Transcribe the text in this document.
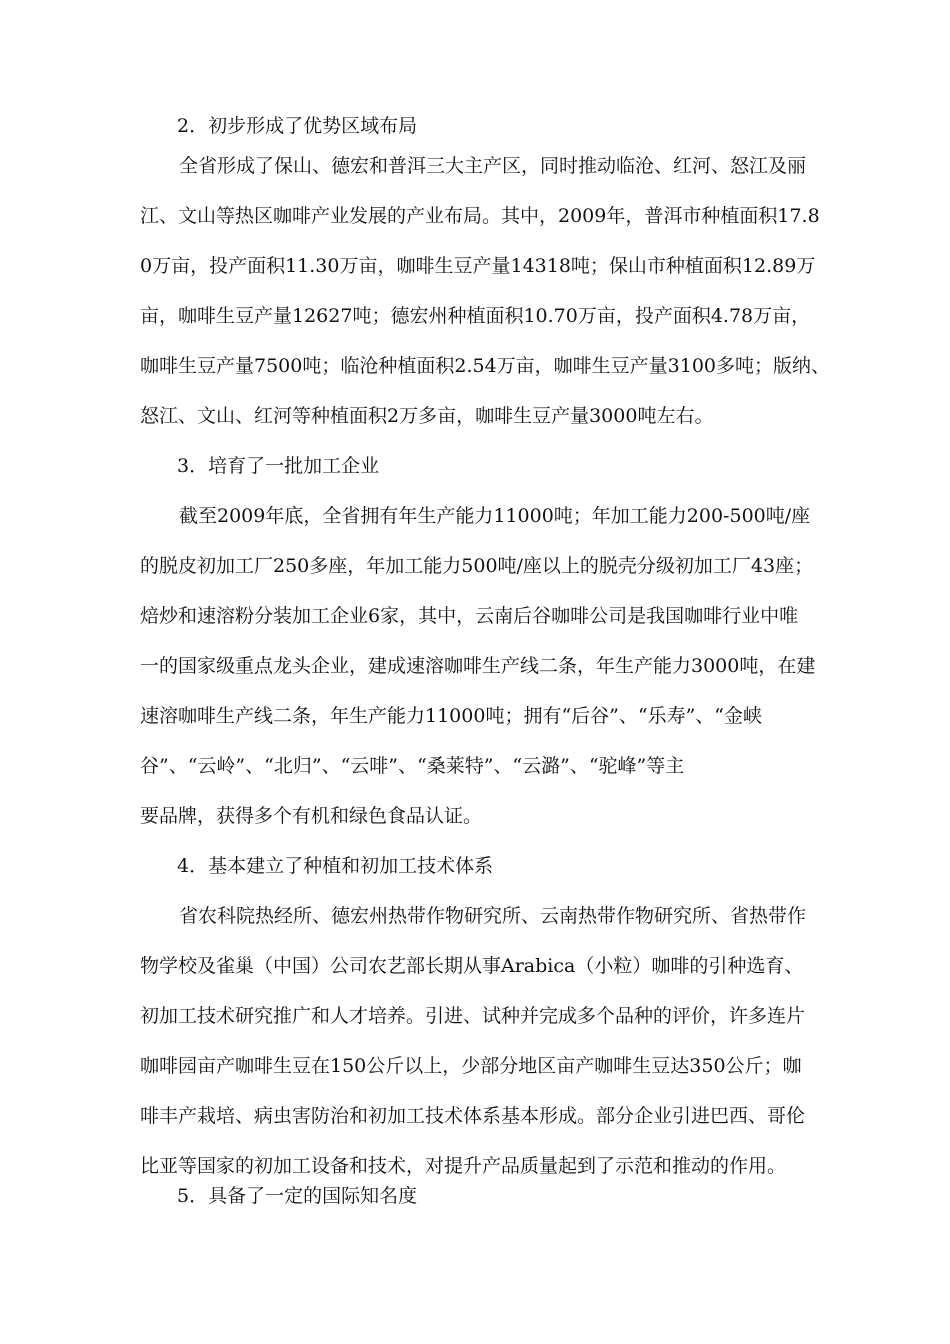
2．初步形成了优势区域布局
全省形成了保山、德宏和普洱三大主产区，同时推动临沧、红河、怒江及丽
江、文山等热区咖啡产业发展的产业布局。其中，2009年，普洱市种植面积17.8
0万亩，投产面积11.30万亩，咖啡生豆产量14318吨；保山市种植面积12.89万
亩，咖啡生豆产量12627吨；德宏州种植面积10.70万亩，投产面积4.78万亩，
咖啡生豆产量7500吨；临沧种植面积2.54万亩，咖啡生豆产量3100多吨；版纳、
怒江、文山、红河等种植面积2万多亩，咖啡生豆产量3000吨左右。
3．培育了一批加工企业
截至2009年底，全省拥有年生产能力11000吨；年加工能力200-500吨/座
的脱皮初加工厂250多座，年加工能力500吨/座以上的脱壳分级初加工厂43座；
焙炒和速溶粉分装加工企业6家，其中，云南后谷咖啡公司是我国咖啡行业中唯
一的国家级重点龙头企业，建成速溶咖啡生产线二条，年生产能力3000吨，在建
速溶咖啡生产线二条，年生产能力11000吨；拥有“后谷”、“乐寿”、“金峡
谷”、“云岭”、“北归”、“云啡”、“桑莱特”、“云潞”、“驼峰”等主
要品牌，获得多个有机和绿色食品认证。
4．基本建立了种植和初加工技术体系
省农科院热经所、德宏州热带作物研究所、云南热带作物研究所、省热带作
物学校及雀巢（中国）公司农艺部长期从事Arabica（小粒）咖啡的引种选育、
初加工技术研究推广和人才培养。引进、试种并完成多个品种的评价，许多连片
咖啡园亩产咖啡生豆在150公斤以上，少部分地区亩产咖啡生豆达350公斤；咖
啡丰产栽培、病虫害防治和初加工技术体系基本形成。部分企业引进巴西、哥伦
比亚等国家的初加工设备和技术，对提升产品质量起到了示范和推动的作用。
5．具备了一定的国际知名度
